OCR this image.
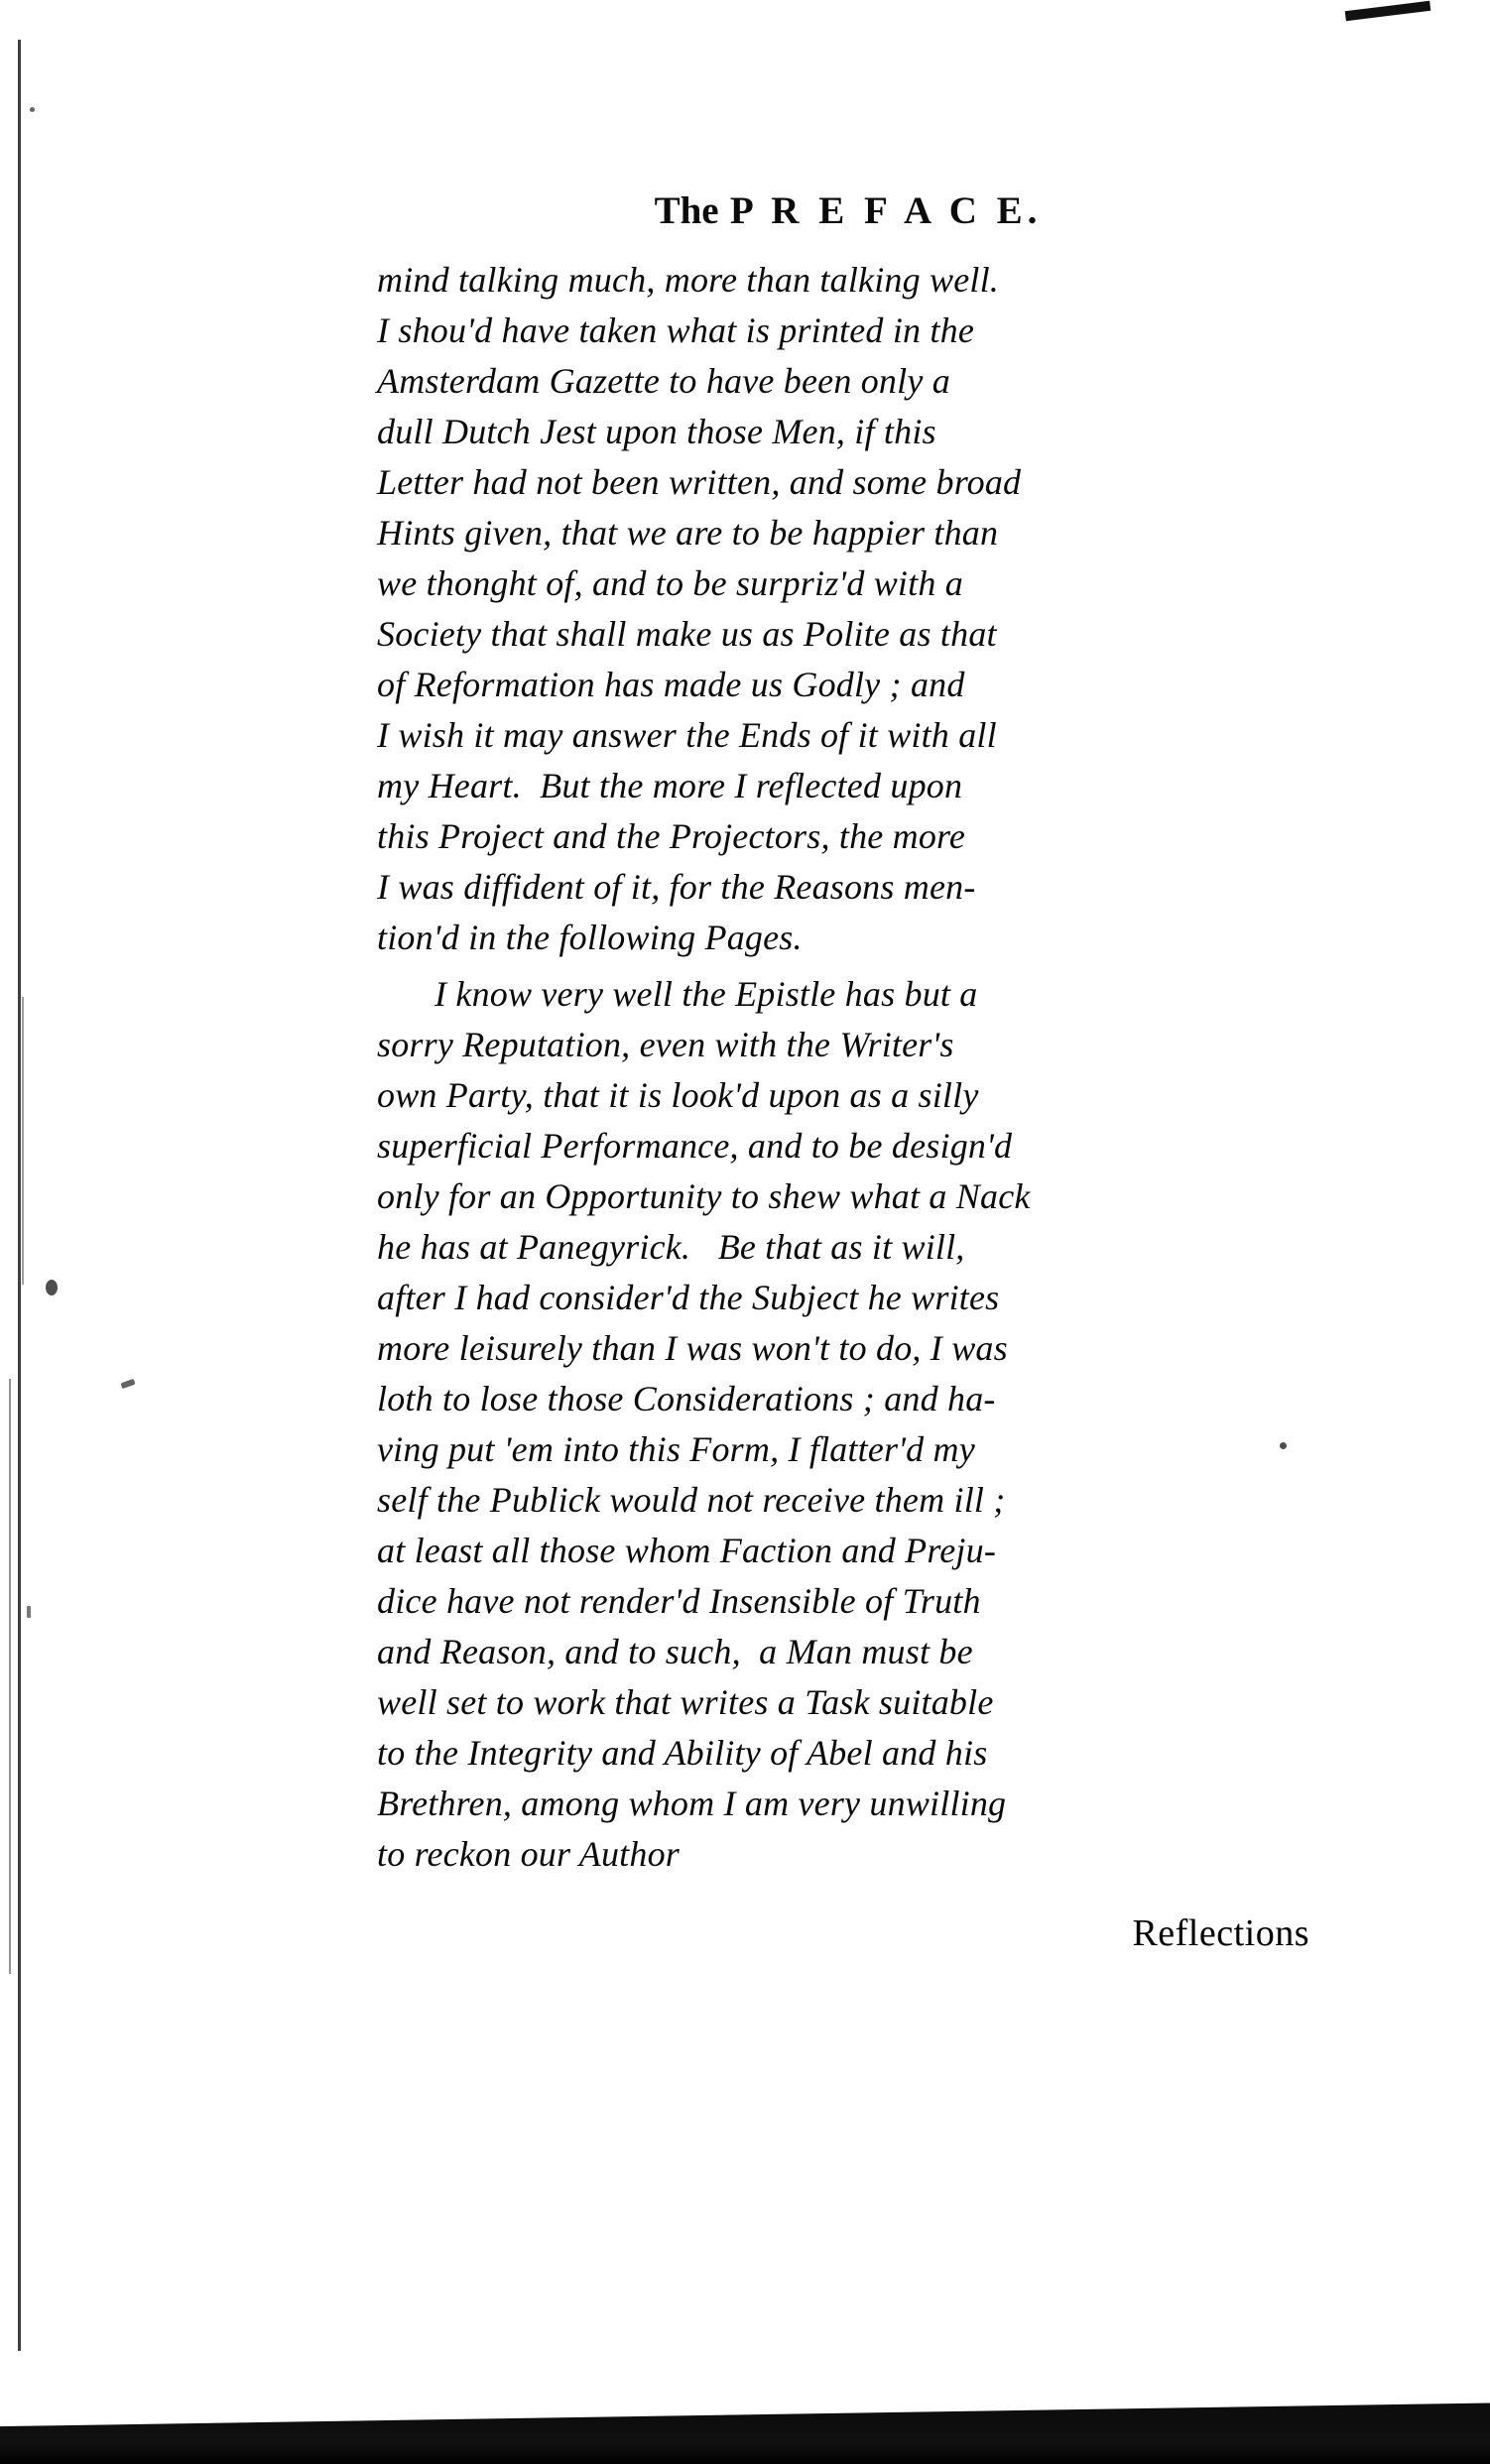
The P R E F A C E.
mind talking much, more than talking well.
I shou'd have taken what is printed in the
Amsterdam Gazette to have been only a
dull Dutch Jest upon those Men, if this
Letter had not been written, and some broad
Hints given, that we are to be happier than
we thonght of, and to be surpriz'd with a
Society that shall make us as Polite as that
of Reformation has made us Godly ; and
I wish it may answer the Ends of it with all
my Heart.  But the more I reflected upon
this Project and the Projectors, the more
I was diffident of it, for the Reasons men-
tion'd in the following Pages.
I know very well the Epistle has but a
sorry Reputation, even with the Writer's
own Party, that it is look'd upon as a silly
superficial Performance, and to be design'd
only for an Opportunity to shew what a Nack
he has at Panegyrick.   Be that as it will,
after I had consider'd the Subject he writes
more leisurely than I was won't to do, I was
loth to lose those Considerations ; and ha-
ving put 'em into this Form, I flatter'd my
self the Publick would not receive them ill ;
at least all those whom Faction and Preju-
dice have not render'd Insensible of Truth
and Reason, and to such,  a Man must be
well set to work that writes a Task suitable
to the Integrity and Ability of Abel and his
Brethren, among whom I am very unwilling
to reckon our Author
Reflections
